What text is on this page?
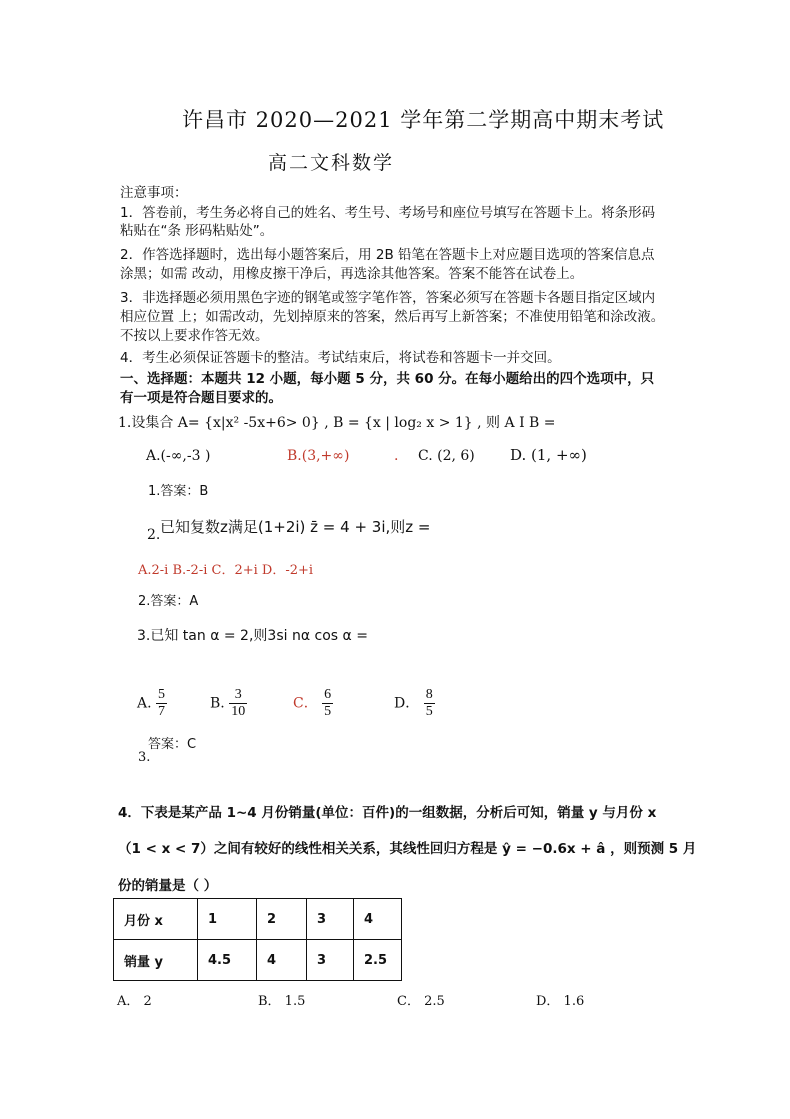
许昌市 2020—2021 学年第二学期高中期末考试
高二文科数学
注意事项：
1．答卷前，考生务必将自己的姓名、考生号、考场号和座位号填写在答题卡上。将条形码
粘贴在“条 形码粘贴处”。
2．作答选择题时，选出每小题答案后，用 2B 铅笔在答题卡上对应题目选项的答案信息点
涂黑；如需 改动，用橡皮擦干净后，再选涂其他答案。答案不能答在试卷上。
3．非选择题必须用黑色字迹的钢笔或签字笔作答，答案必须写在答题卡各题目指定区域内
相应位置 上；如需改动，先划掉原来的答案，然后再写上新答案；不准使用铅笔和涂改液。
不按以上要求作答无效。
4．考生必须保证答题卡的整洁。考试结束后，将试卷和答题卡一并交回。
一、选择题：本题共 12 小题，每小题 5 分，共 60 分。在每小题给出的四个选项中，只
有一项是符合题目要求的。
1.设集合 A= {x|x² -5x+6> 0} , B = {x | log₂ x > 1} , 则 A I B =
A.(-∞,-3 )	B.(3,+∞)	. C. (2, 6) D. (1, +∞)
1.答案：B
2. 已知复数z满足(1+2i) z̄ = 4 + 3i,则z =
A.2-i B.-2-i C．2+i D．-2+i
2.答案：A
3.已知 tan α = 2,则3si nα cos α =
A. $\frac{5}{7}$	B. $\frac{3}{10}$	C． $\frac{6}{5}$	D． $\frac{8}{5}$
答案：C
3.
4．下表是某产品 1~4 月份销量(单位：百件)的一组数据，分析后可知，销量 y 与月份 x
（1 < x < 7）之间有较好的线性相关关系，其线性回归方程是 ŷ = −0.6x + â ，则预测 5 月
份的销量是（ ）
月份 x	1	2	3	4
销量 y	4.5	4	3	2.5
A． 2	B． 1.5	C． 2.5	D． 1.6
